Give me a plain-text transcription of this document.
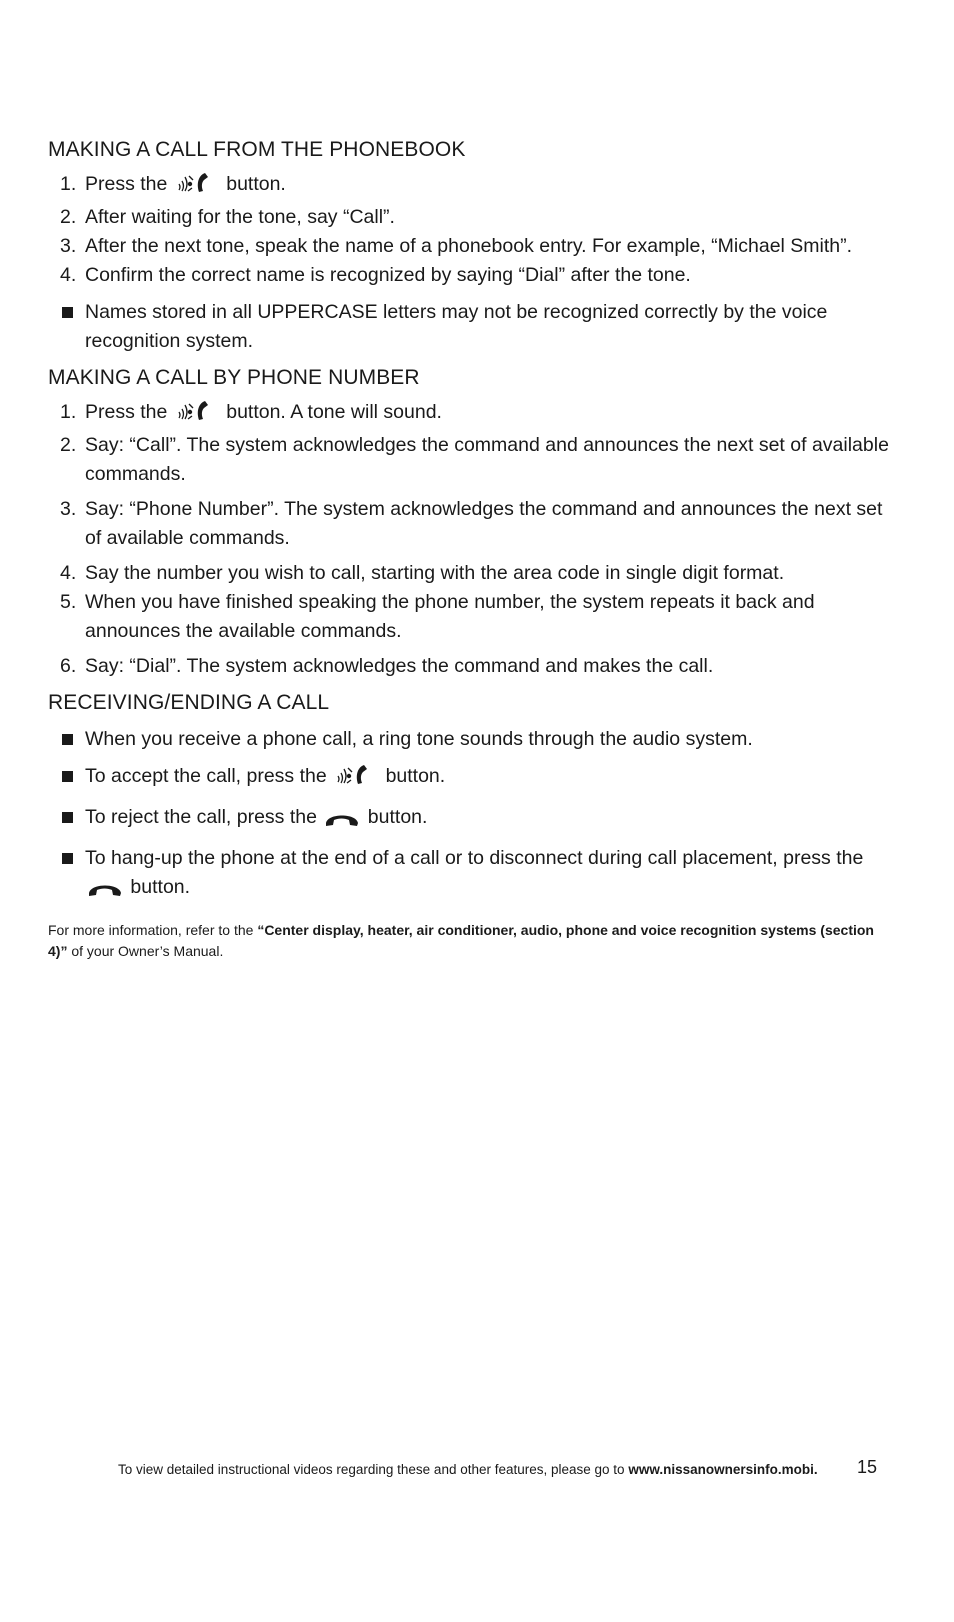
MAKING A CALL FROM THE PHONEBOOK
1. Press the	button.
2. After waiting for the tone, say “Call”.
3. After the next tone, speak the name of a phonebook entry. For example, “Michael Smith”.
4. Confirm the correct name is recognized by saying “Dial” after the tone.
Names stored in all UPPERCASE letters may not be recognized correctly by the voice recognition system.
MAKING A CALL BY PHONE NUMBER
1. Press the	button. A tone will sound.
2. Say: “Call”. The system acknowledges the command and announces the next set of available commands.
3. Say: “Phone Number”. The system acknowledges the command and announces the next set of available commands.
4. Say the number you wish to call, starting with the area code in single digit format.
5. When you have finished speaking the phone number, the system repeats it back and announces the available commands.
6. Say: “Dial”. The system acknowledges the command and makes the call.
RECEIVING/ENDING A CALL
When you receive a phone call, a ring tone sounds through the audio system.
To accept the call, press the	button.
To reject the call, press the	button.
To hang-up the phone at the end of a call or to disconnect during call placement, press the  button.
For more information, refer to the “Center display, heater, air conditioner, audio, phone and voice recognition systems (section 4)” of your Owner’s Manual.
To view detailed instructional videos regarding these and other features, please go to www.nissanownersinfo.mobi. 15
